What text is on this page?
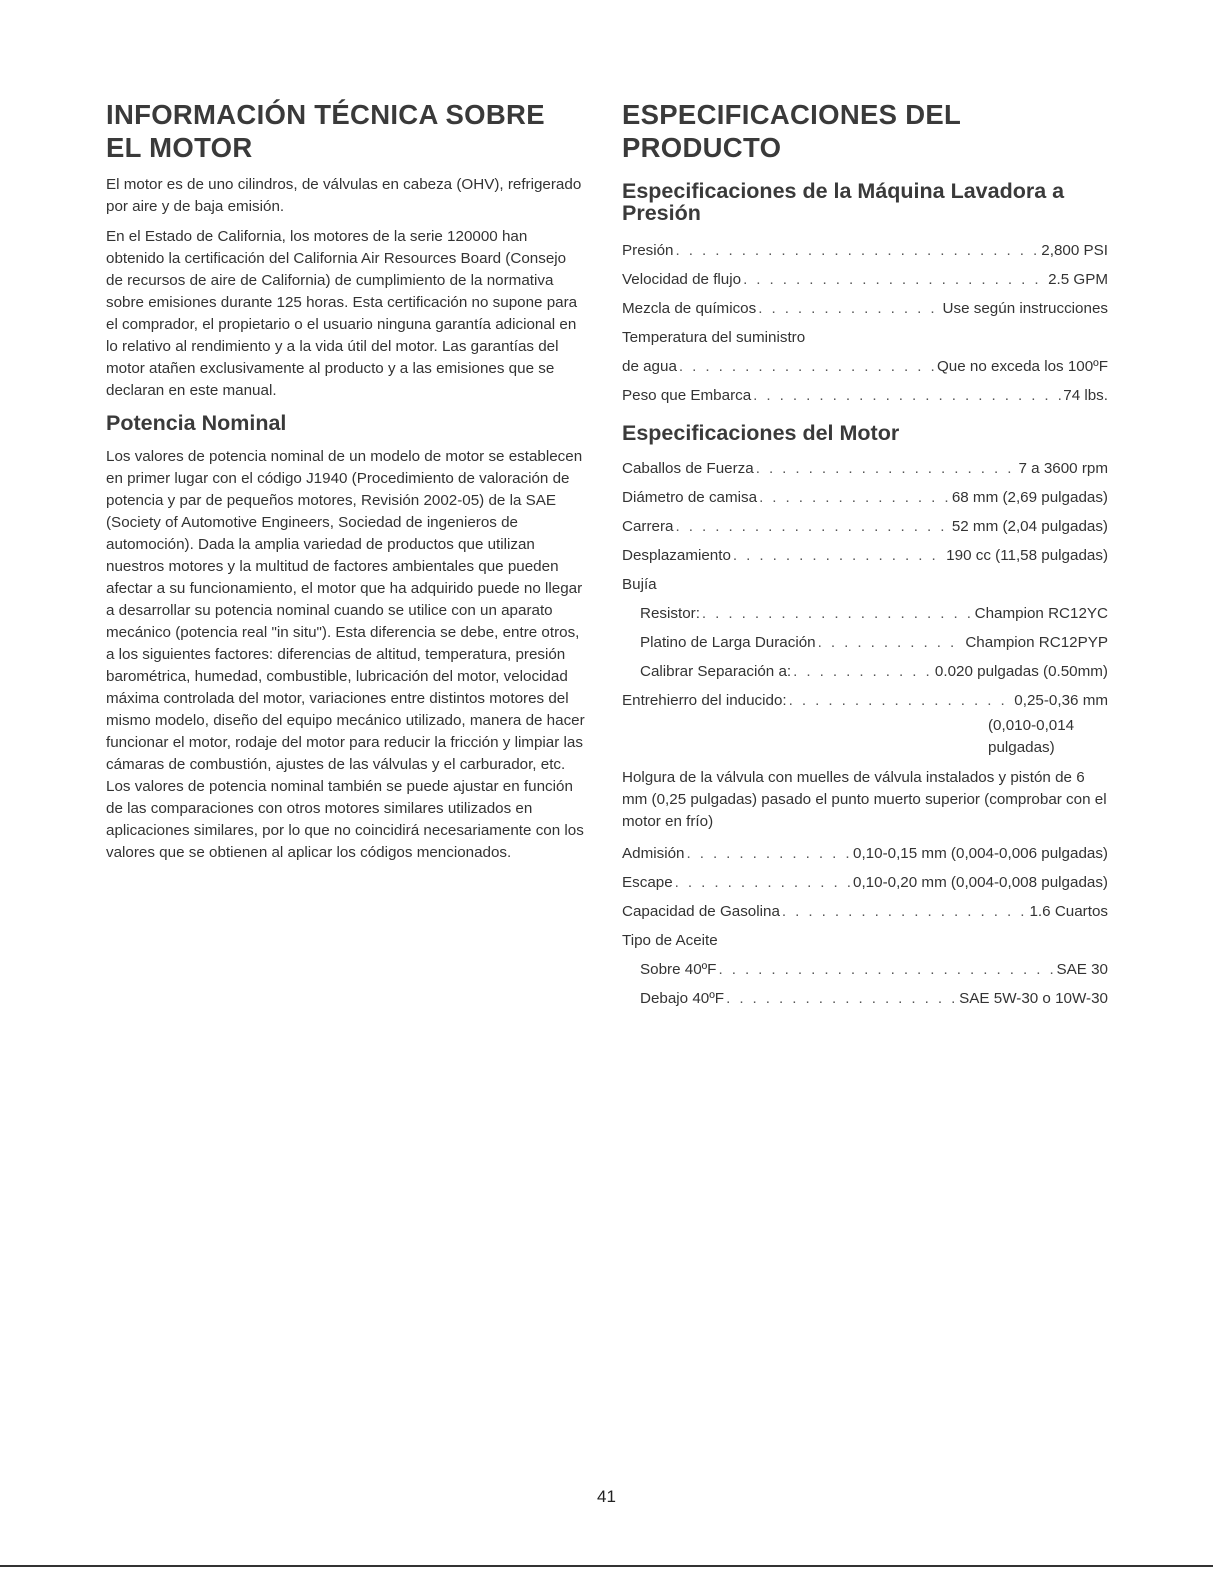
INFORMACIÓN TÉCNICA SOBRE EL MOTOR

El motor es de uno cilindros, de válvulas en cabeza (OHV), refrigerado por aire y de baja emisión.

En el Estado de California, los motores de la serie 120000 han obtenido la certificación del California Air Resources Board (Consejo de recursos de aire de California) de cumplimiento de la normativa sobre emisiones durante 125 horas. Esta certificación no supone para el comprador, el propietario o el usuario ninguna garantía adicional en lo relativo al rendimiento y a la vida útil del motor. Las garantías del motor atañen exclusivamente al producto y a las emisiones que se declaran en este manual.

Potencia Nominal

Los valores de potencia nominal de un modelo de motor se establecen en primer lugar con el código J1940 (Procedimiento de valoración de potencia y par de pequeños motores, Revisión 2002-05) de la SAE (Society of Automotive Engineers, Sociedad de ingenieros de automoción). Dada la amplia variedad de productos que utilizan nuestros motores y la multitud de factores ambientales que pueden afectar a su funcionamiento, el motor que ha adquirido puede no llegar a desarrollar su potencia nominal cuando se utilice con un aparato mecánico (potencia real "in situ"). Esta diferencia se debe, entre otros, a los siguientes factores: diferencias de altitud, temperatura, presión barométrica, humedad, combustible, lubricación del motor, velocidad máxima controlada del motor, variaciones entre distintos motores del mismo modelo, diseño del equipo mecánico utilizado, manera de hacer funcionar el motor, rodaje del motor para reducir la fricción y limpiar las cámaras de combustión, ajustes de las válvulas y el carburador, etc. Los valores de potencia nominal también se puede ajustar en función de las comparaciones con otros motores similares utilizados en aplicaciones similares, por lo que no coincidirá necesariamente con los valores que se obtienen al aplicar los códigos mencionados.

ESPECIFICACIONES DEL PRODUCTO
Especificaciones de la Máquina Lavadora a Presión
Presión . . .	2,800 PSI
Velocidad de flujo . . .	2.5 GPM
Mezcla de químicos . . .	Use según instrucciones
Temperatura del suministro
de agua . . .	Que no exceda los 100ºF
Peso que Embarca . . .	74 lbs.
Especificaciones del Motor
Caballos de Fuerza . . .	7 a 3600 rpm
Diámetro de camisa . . .	68 mm (2,69 pulgadas)
Carrera . . .	52 mm (2,04 pulgadas)
Desplazamiento . . .	190 cc (11,58 pulgadas)
Bujía
Resistor: . . .	Champion RC12YC
Platino de Larga Duración . . .	Champion RC12PYP
Calibrar Separación a: . . .	0.020 pulgadas (0.50mm)
Entrehierro del inducido: . . .	0,25-0,36 mm
(0,010-0,014 pulgadas)
Holgura de la válvula con muelles de válvula instalados y pistón de 6 mm (0,25 pulgadas) pasado el punto muerto superior (comprobar con el motor en frío)
Admisión . . .	0,10-0,15 mm (0,004-0,006 pulgadas)
Escape . . .	0,10-0,20 mm (0,004-0,008 pulgadas)
Capacidad de Gasolina . . .	1.6 Cuartos
Tipo de Aceite
Sobre 40ºF . . .	SAE 30
Debajo 40ºF . . .	SAE 5W-30 o 10W-30
41
